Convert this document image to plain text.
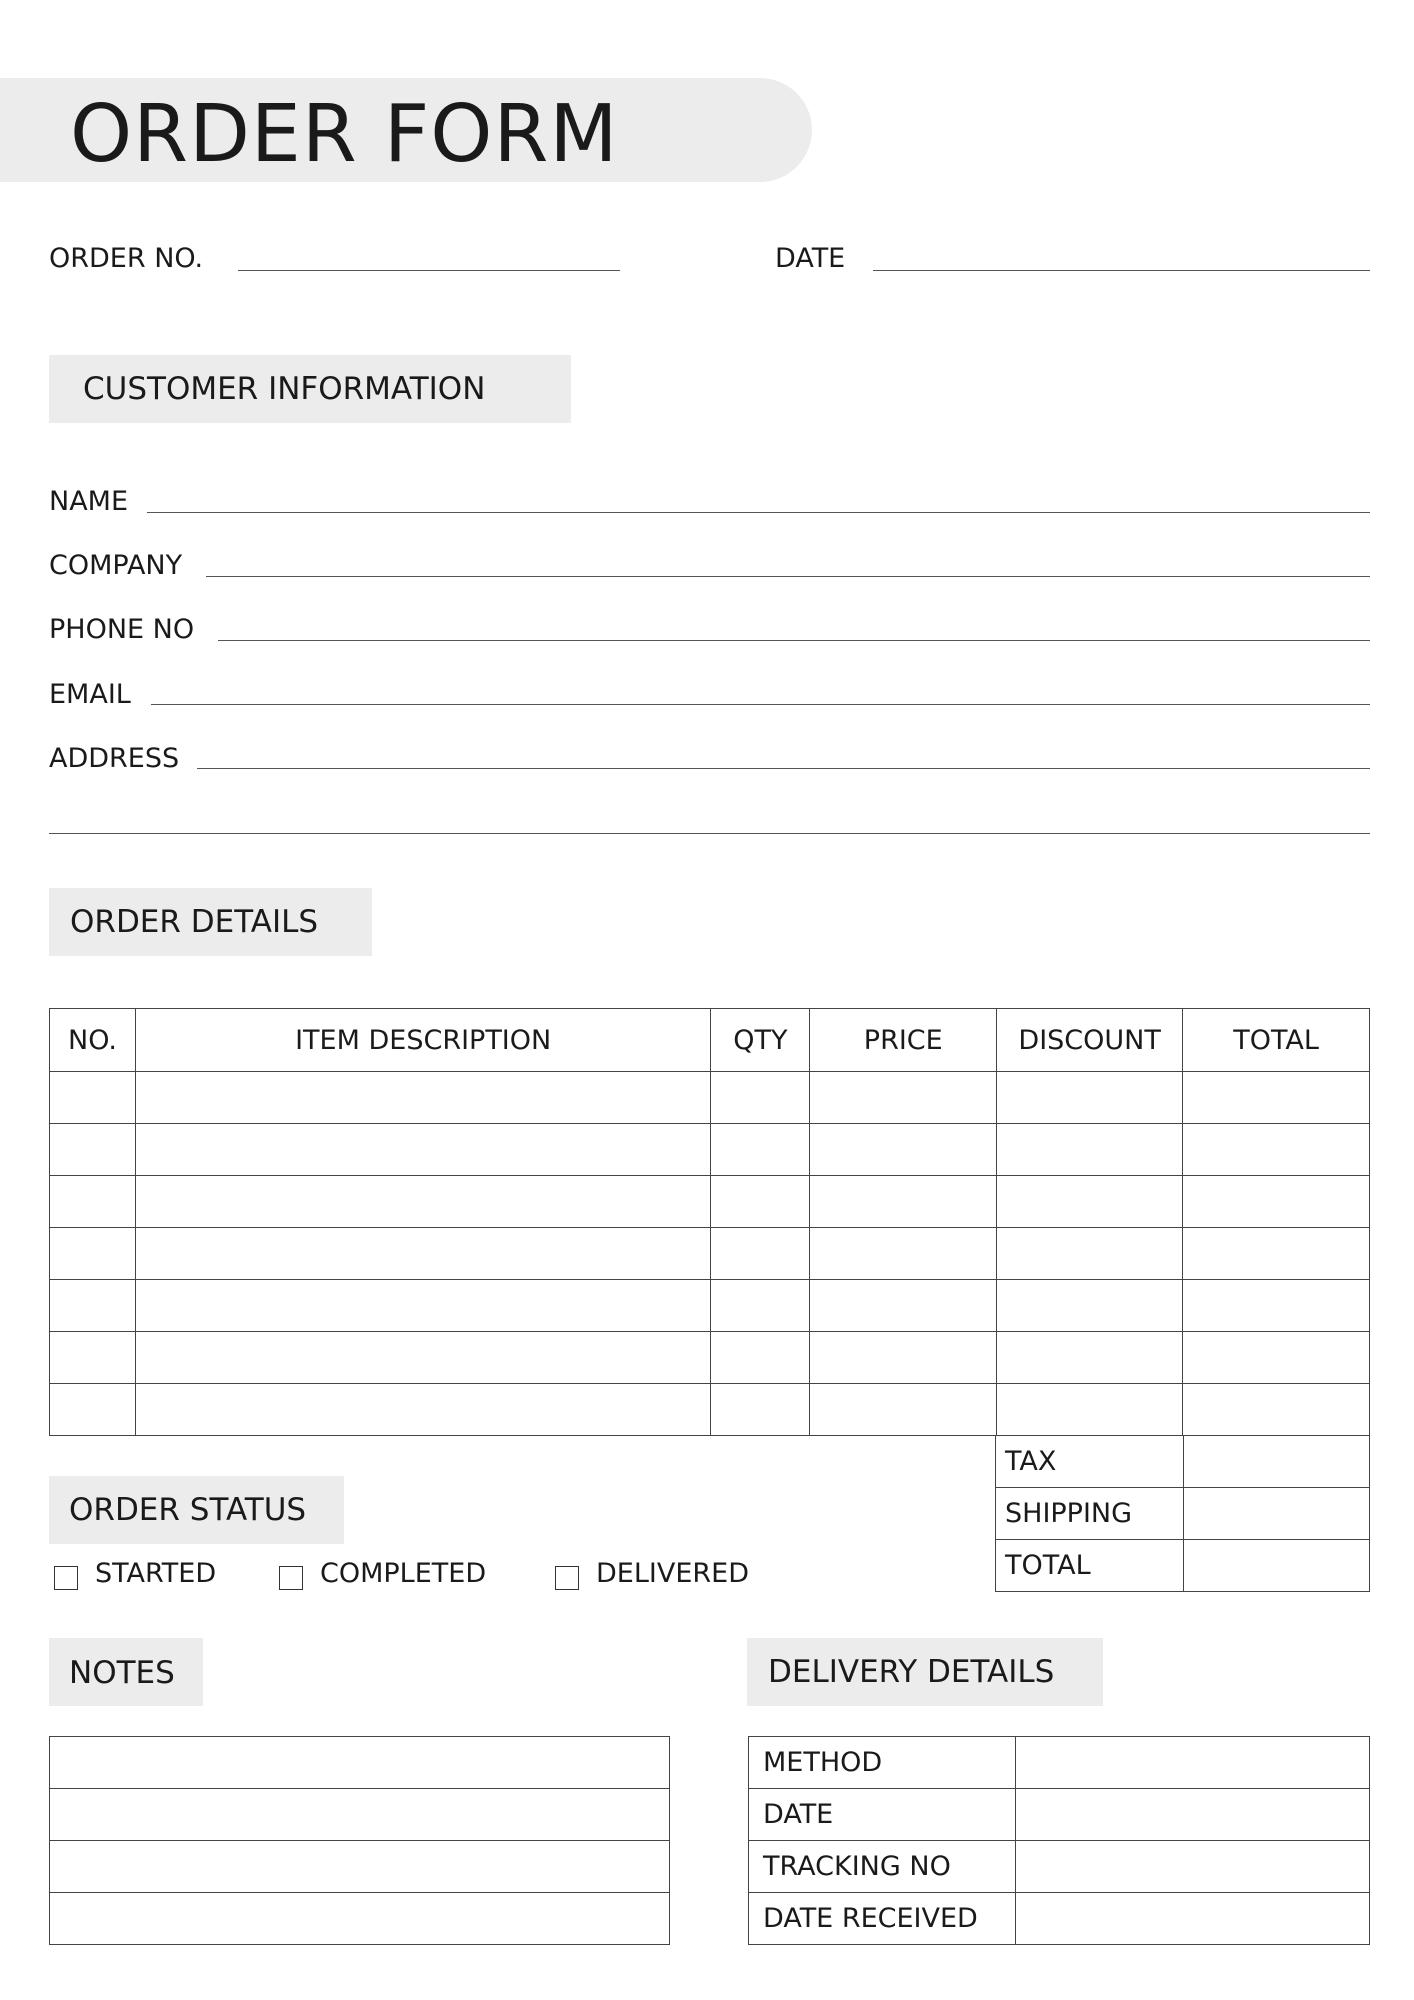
ORDER FORM
ORDER NO.	DATE
CUSTOMER INFORMATION
NAME
COMPANY
PHONE NO
EMAIL
ADDRESS
ORDER DETAILS
NO.	ITEM DESCRIPTION	QTY	PRICE	DISCOUNT	TOTAL

TAX	
SHIPPING	
TOTAL	
ORDER STATUS
STARTED	COMPLETED	DELIVERED
NOTES	DELIVERY DETAILS
METHOD	
DATE	
TRACKING NO	
DATE RECEIVED	
